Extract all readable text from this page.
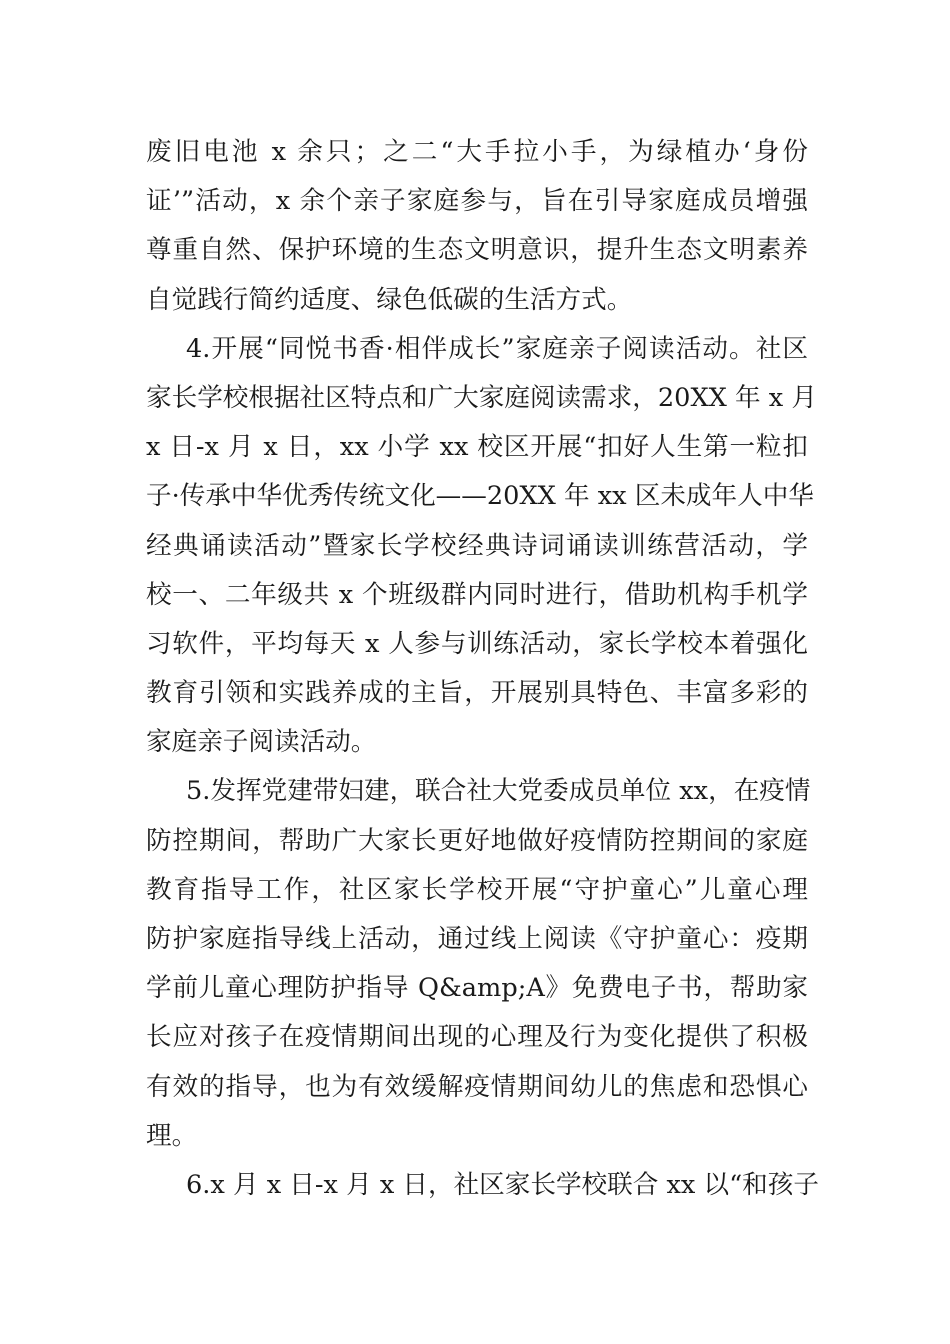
废旧电池 x 余只；之二“大手拉小手，为绿植办‘身份
证’”活动，x 余个亲子家庭参与，旨在引导家庭成员增强
尊重自然、保护环境的生态文明意识，提升生态文明素养
自觉践行简约适度、绿色低碳的生活方式。
4.开展“同悦书香·相伴成长”家庭亲子阅读活动。社区
家长学校根据社区特点和广大家庭阅读需求，20XX 年 x 月
x 日-x 月 x 日，xx 小学 xx 校区开展“扣好人生第一粒扣
子·传承中华优秀传统文化——20XX 年 xx 区未成年人中华
经典诵读活动”暨家长学校经典诗词诵读训练营活动，学
校一、二年级共 x 个班级群内同时进行，借助机构手机学
习软件，平均每天 x 人参与训练活动，家长学校本着强化
教育引领和实践养成的主旨，开展别具特色、丰富多彩的
家庭亲子阅读活动。
5.发挥党建带妇建，联合社大党委成员单位 xx，在疫情
防控期间，帮助广大家长更好地做好疫情防控期间的家庭
教育指导工作，社区家长学校开展“守护童心”儿童心理
防护家庭指导线上活动，通过线上阅读《守护童心：疫期
学前儿童心理防护指导 Q&amp;A》免费电子书，帮助家
长应对孩子在疫情期间出现的心理及行为变化提供了积极
有效的指导，也为有效缓解疫情期间幼儿的焦虑和恐惧心
理。
6.x 月 x 日-x 月 x 日，社区家长学校联合 xx 以“和孩子
